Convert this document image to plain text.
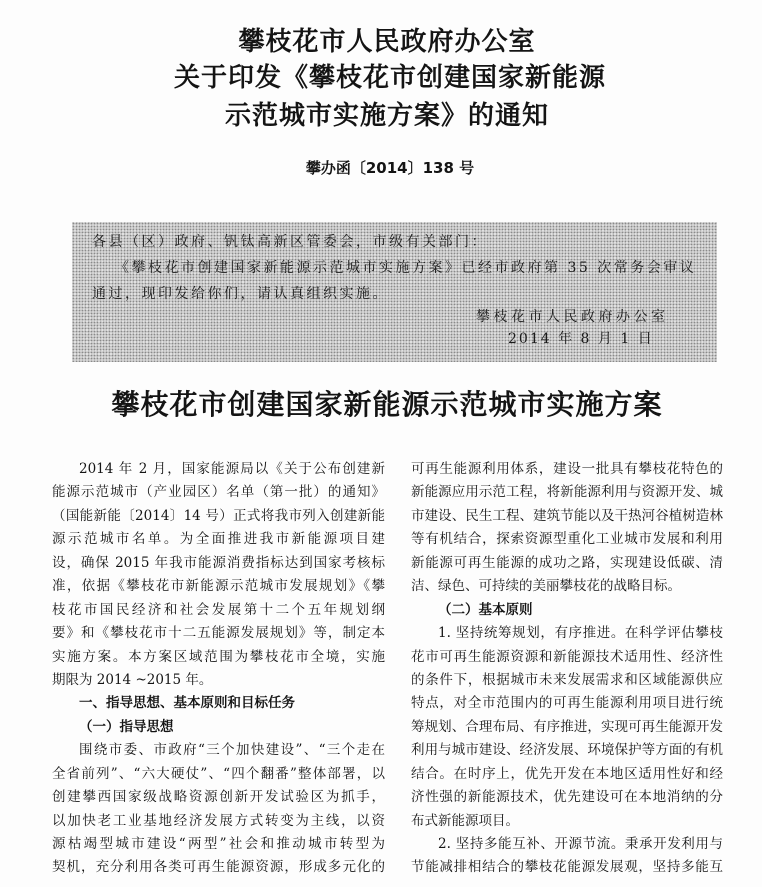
攀枝花市人民政府办公室
关于印发《攀枝花市创建国家新能源
示范城市实施方案》的通知
攀办函〔2014〕138 号
各县（区）政府、钒钛高新区管委会，市级有关部门：
《攀枝花市创建国家新能源示范城市实施方案》已经市政府第 35 次常务会审议
通过，现印发给你们，请认真组织实施。
攀枝花市人民政府办公室
2014 年 8 月 1 日
攀枝花市创建国家新能源示范城市实施方案
2014 年 2 月，国家能源局以《关于公布创建新
能源示范城市（产业园区）名单（第一批）的通知》
（国能新能〔2014〕14 号）正式将我市列入创建新能
源示范城市名单。为全面推进我市新能源项目建
设，确保 2015 年我市能源消费指标达到国家考核标
准，依据《攀枝花市新能源示范城市发展规划》《攀
枝花市国民经济和社会发展第十二个五年规划纲
要》和《攀枝花市十二五能源发展规划》等，制定本
实施方案。本方案区域范围为攀枝花市全境，实施
期限为 2014 ~2015 年。
一、指导思想、基本原则和目标任务
（一）指导思想
围绕市委、市政府“三个加快建设”、“三个走在
全省前列”、“六大硬仗”、“四个翻番”整体部署，以
创建攀西国家级战略资源创新开发试验区为抓手，
以加快老工业基地经济发展方式转变为主线，以资
源枯竭型城市建设“两型”社会和推动城市转型为
契机，充分利用各类可再生能源资源，形成多元化的
可再生能源利用体系，建设一批具有攀枝花特色的
新能源应用示范工程，将新能源利用与资源开发、城
市建设、民生工程、建筑节能以及干热河谷植树造林
等有机结合，探索资源型重化工业城市发展和利用
新能源可再生能源的成功之路，实现建设低碳、清
洁、绿色、可持续的美丽攀枝花的战略目标。
（二）基本原则
1. 坚持统筹规划，有序推进。在科学评估攀枝
花市可再生能源资源和新能源技术适用性、经济性
的条件下，根据城市未来发展需求和区域能源供应
特点，对全市范围内的可再生能源利用项目进行统
筹规划、合理布局、有序推进，实现可再生能源开发
利用与城市建设、经济发展、环境保护等方面的有机
结合。在时序上，优先开发在本地区适用性好和经
济性强的新能源技术，优先建设可在本地消纳的分
布式新能源项目。
2. 坚持多能互补、开源节流。秉承开发利用与
节能减排相结合的攀枝花能源发展观，坚持多能互
